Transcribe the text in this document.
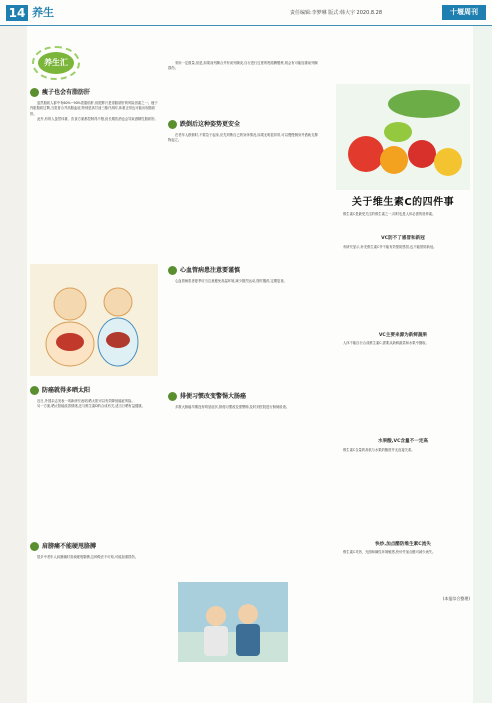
14 养生	责任编辑:李梦琳 版式:韩大宇 2020.8.28	十堰周刊
养生汇
瘦子也会有脂肪肝

虽然脂肪人群中有60%~90%患脂肪肝,但肥胖只是得脂肪肝的风险因素之一。瘦子内脏脂肪过剩,当患者合并高脂血症,特别是高甘油三酯升高时,体重正常也可能出现脂肪肝。

此外,有的人虽然体重、饮食方面都控制得不错,但长期饮酒也会导致酒精性脂肪肝。

防癌就得多晒太阳

近日,外国杂志发表一项新研究表明,晒太阳可以有效降低癌症风险。

另一方面,晒太阳能改善情绪,还与维生素D的合成有关,适当日晒有益健康。

肩膀痛不能硬甩胳膊

很多中老年人肩膀痛时喜欢硬甩胳膊,这种做法不可取,可能加重损伤。

采用一定数量,但是,如果前列腺合并有前列腺炎,自行进行过度的甩胳膊锻炼,则会有可能加重前列腺损伤。

跌倒后这种姿势更安全

在老年人跌倒时,不要急于起身,应先判断自己的身体情况,如果无明显异常,可以慢慢侧身并借助支撑物起立。

心血管病患注意要谨慎

心血管病患者夏季应当注意避免高温环境,减少剧烈运动,按时服药,定期复查。

排便习惯改变警惕大肠癌

多数大肠癌早期没有明显症状,排便习惯改变需警惕,及时到医院进行肠镜检查。

关于维生素C的四件事

维生素C是最受关注的维生素之一,同时也是人体必需的营养素。

VC防不了感冒和新冠

有研究显示,补充维生素C并不能有效预防感冒,也不能预防新冠。

VC主要来源为新鲜蔬果

人体不能自行合成维生素C,需要从新鲜蔬菜和水果中摄取。

水果酸,VC含量不一定高

维生素C含量的高低与水果的酸度并无直接关系。

快炒,加点醋防维生素C流失

维生素C对热、光照和碱性环境敏感,快炒并加点醋可减少流失。

(本报综合整理)
